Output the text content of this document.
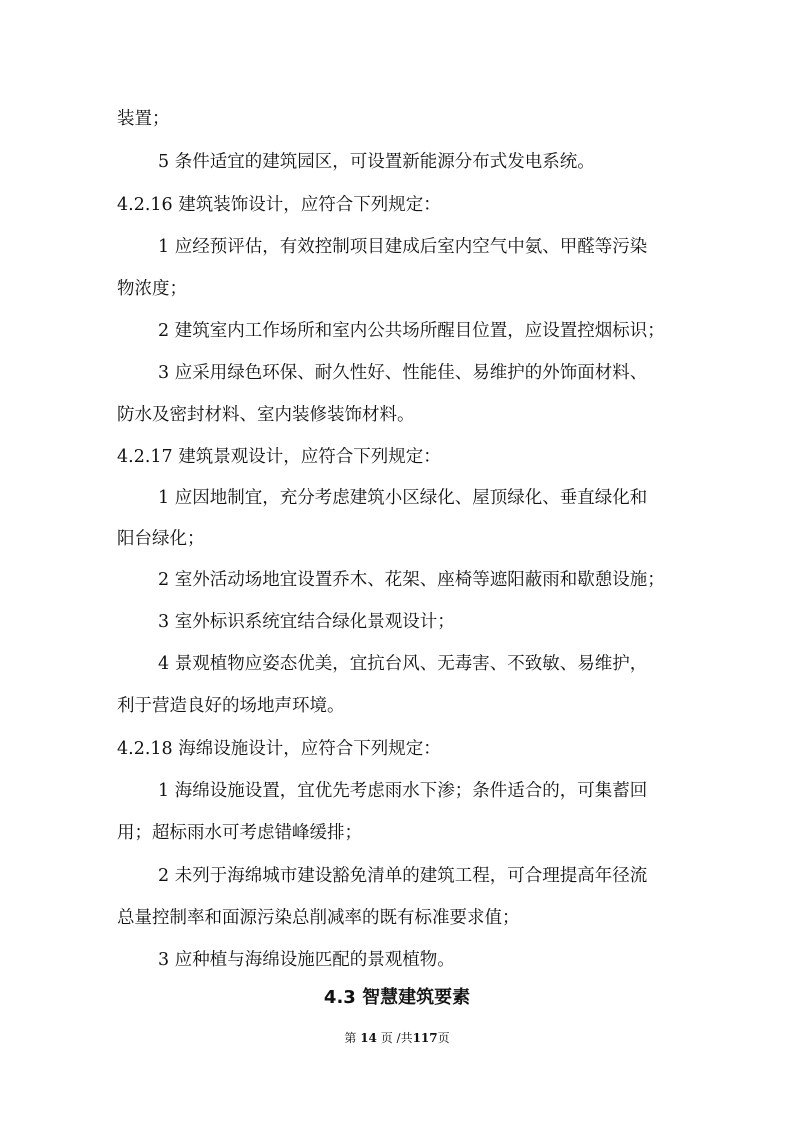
装置；
5 条件适宜的建筑园区，可设置新能源分布式发电系统。
4.2.16 建筑装饰设计，应符合下列规定：
1 应经预评估，有效控制项目建成后室内空气中氨、甲醛等污染
物浓度；
2 建筑室内工作场所和室内公共场所醒目位置，应设置控烟标识；
3 应采用绿色环保、耐久性好、性能佳、易维护的外饰面材料、
防水及密封材料、室内装修装饰材料。
4.2.17 建筑景观设计，应符合下列规定：
1 应因地制宜，充分考虑建筑小区绿化、屋顶绿化、垂直绿化和
阳台绿化；
2 室外活动场地宜设置乔木、花架、座椅等遮阳蔽雨和歇憩设施；
3 室外标识系统宜结合绿化景观设计；
4 景观植物应姿态优美，宜抗台风、无毒害、不致敏、易维护，
利于营造良好的场地声环境。
4.2.18 海绵设施设计，应符合下列规定：
1 海绵设施设置，宜优先考虑雨水下渗；条件适合的，可集蓄回
用；超标雨水可考虑错峰缓排；
2 未列于海绵城市建设豁免清单的建筑工程，可合理提高年径流
总量控制率和面源污染总削减率的既有标准要求值；
3 应种植与海绵设施匹配的景观植物。
4.3 智慧建筑要素
第 14 页 /共117页
